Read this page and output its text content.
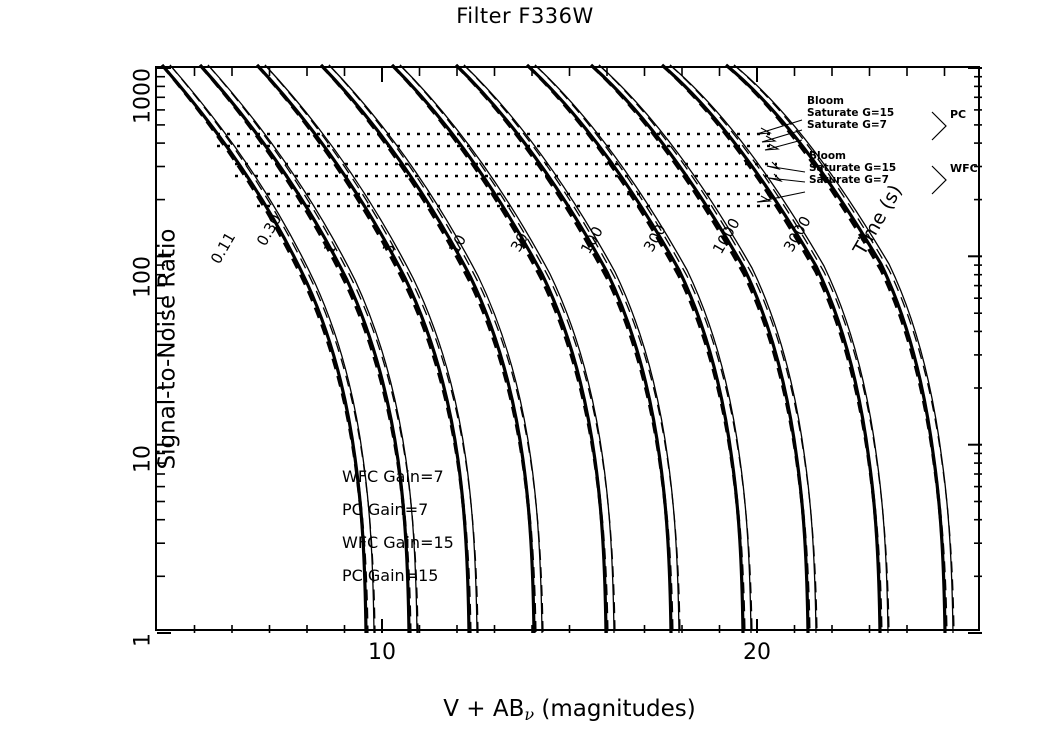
Filter F336W
Signal-to-Noise Ratio
1
10
100
1000
10	20
$V + AB_\nu$ (magnitudes)
0.11 0.30 1	3	10 30	100 300	1000 3000 Time (s)
Bloom
Saturate G=15
Saturate G=7
Bloom
Saturate G=15
Saturate G=7
PC
WFC
WFC Gain=7
PC Gain=7
WFC Gain=15
PC Gain=15
